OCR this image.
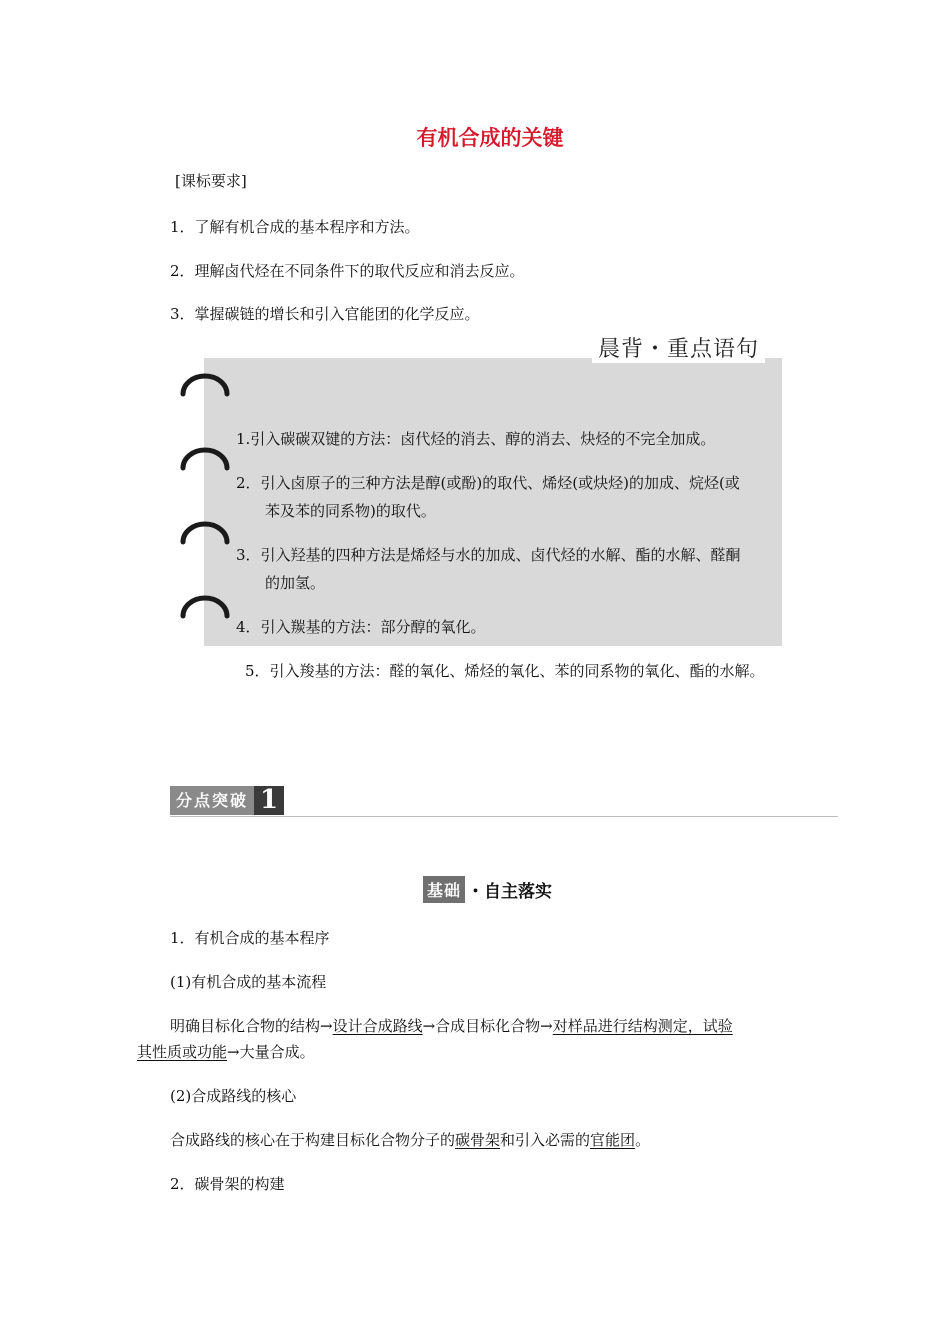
有机合成的关键
[课标要求]
1．了解有机合成的基本程序和方法。
2．理解卤代烃在不同条件下的取代反应和消去反应。
3．掌握碳链的增长和引入官能团的化学反应。
晨背・重点语句
1.引入碳碳双键的方法：卤代烃的消去、醇的消去、炔烃的不完全加成。
2．引入卤原子的三种方法是醇(或酚)的取代、烯烃(或炔烃)的加成、烷烃(或
苯及苯的同系物)的取代。
3．引入羟基的四种方法是烯烃与水的加成、卤代烃的水解、酯的水解、醛酮
的加氢。
4．引入羰基的方法：部分醇的氧化。
5．引入羧基的方法：醛的氧化、烯烃的氧化、苯的同系物的氧化、酯的水解。
分点突破 1
基础 ・自主落实
1．有机合成的基本程序
(1)有机合成的基本流程
明确目标化合物的结构→设计合成路线→合成目标化合物→对样品进行结构测定，试验
其性质或功能→大量合成。
(2)合成路线的核心
合成路线的核心在于构建目标化合物分子的碳骨架和引入必需的官能团。
2．碳骨架的构建
